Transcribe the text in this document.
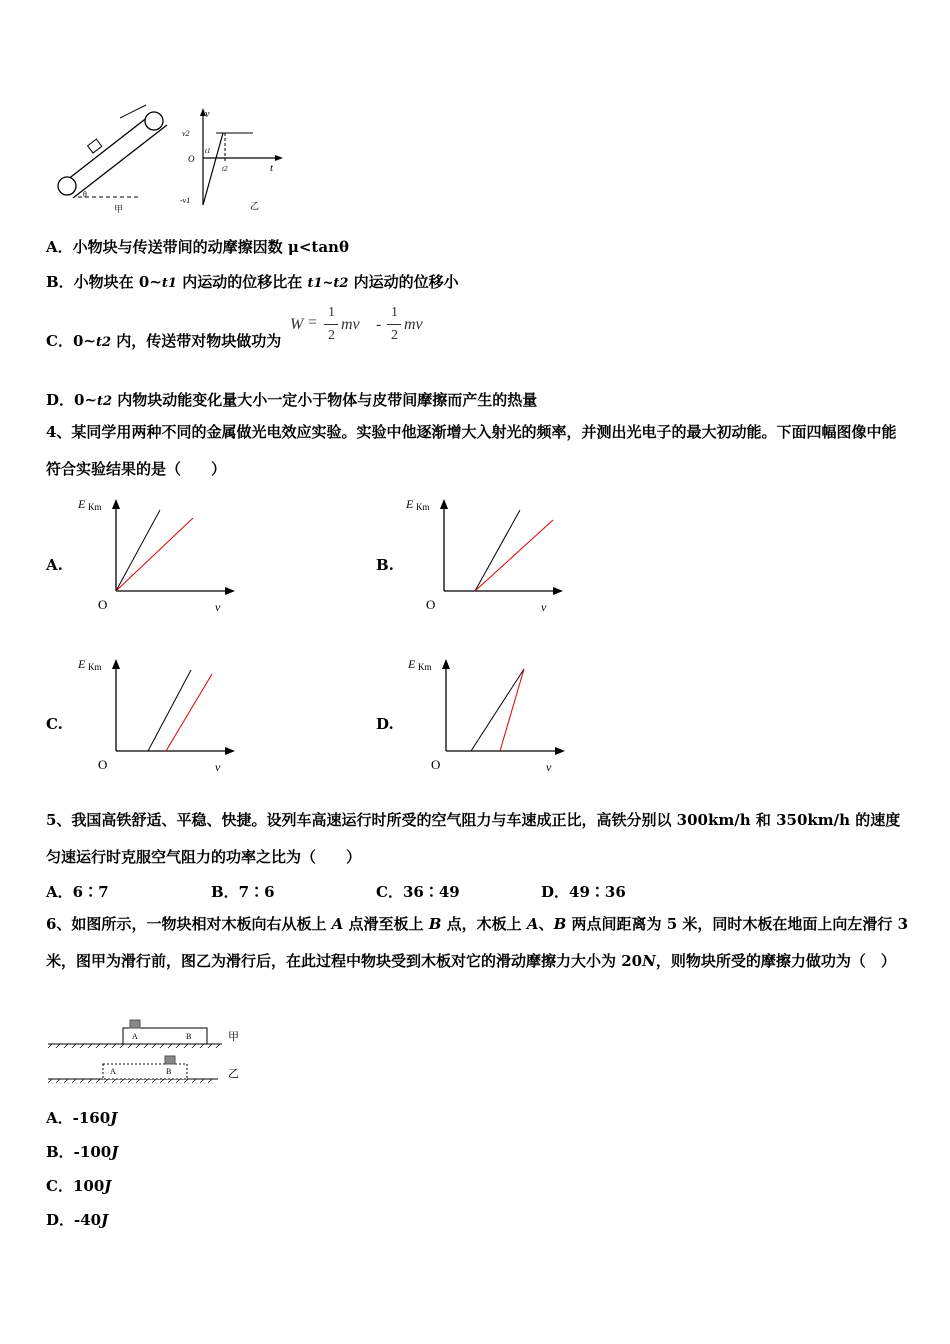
θ
甲
v
t
v2
O
t1
t2
-v1
乙
A．小物块与传送带间的动摩擦因数 μ<tanθ
B．小物块在 0~t1 内运动的位移比在 t1~t2 内运动的位移小
C．0~t2 内，传送带对物块做功为
W =
1
2
mv -
1
2
mv
D．0~t2 内物块动能变化量大小一定小于物体与皮带间摩擦而产生的热量
4、某同学用两种不同的金属做光电效应实验。实验中他逐渐增大入射光的频率，并测出光电子的最大初动能。下面四幅图像中能符合实验结果的是（　　）
A.	B.
C.	D.
E Km
O	ν
E Km
O	ν
E Km
O	ν
E Km
O	ν
5、我国高铁舒适、平稳、快捷。设列车高速运行时所受的空气阻力与车速成正比，高铁分别以 300km/h 和 350km/h 的速度匀速运行时克服空气阻力的功率之比为（　　）
A．6∶7	B．7∶6	C．36∶49	D．49∶36
6、如图所示，一物块相对木板向右从板上 A 点滑至板上 B 点，木板上 A、B 两点间距离为 5 米，同时木板在地面上向左滑行 3 米，图甲为滑行前，图乙为滑行后，在此过程中物块受到木板对它的滑动摩擦力大小为 20N，则物块所受的摩擦力做功为（　）
A	B	甲
A	B	乙
A．-160J
B．-100J
C．100J
D．-40J
